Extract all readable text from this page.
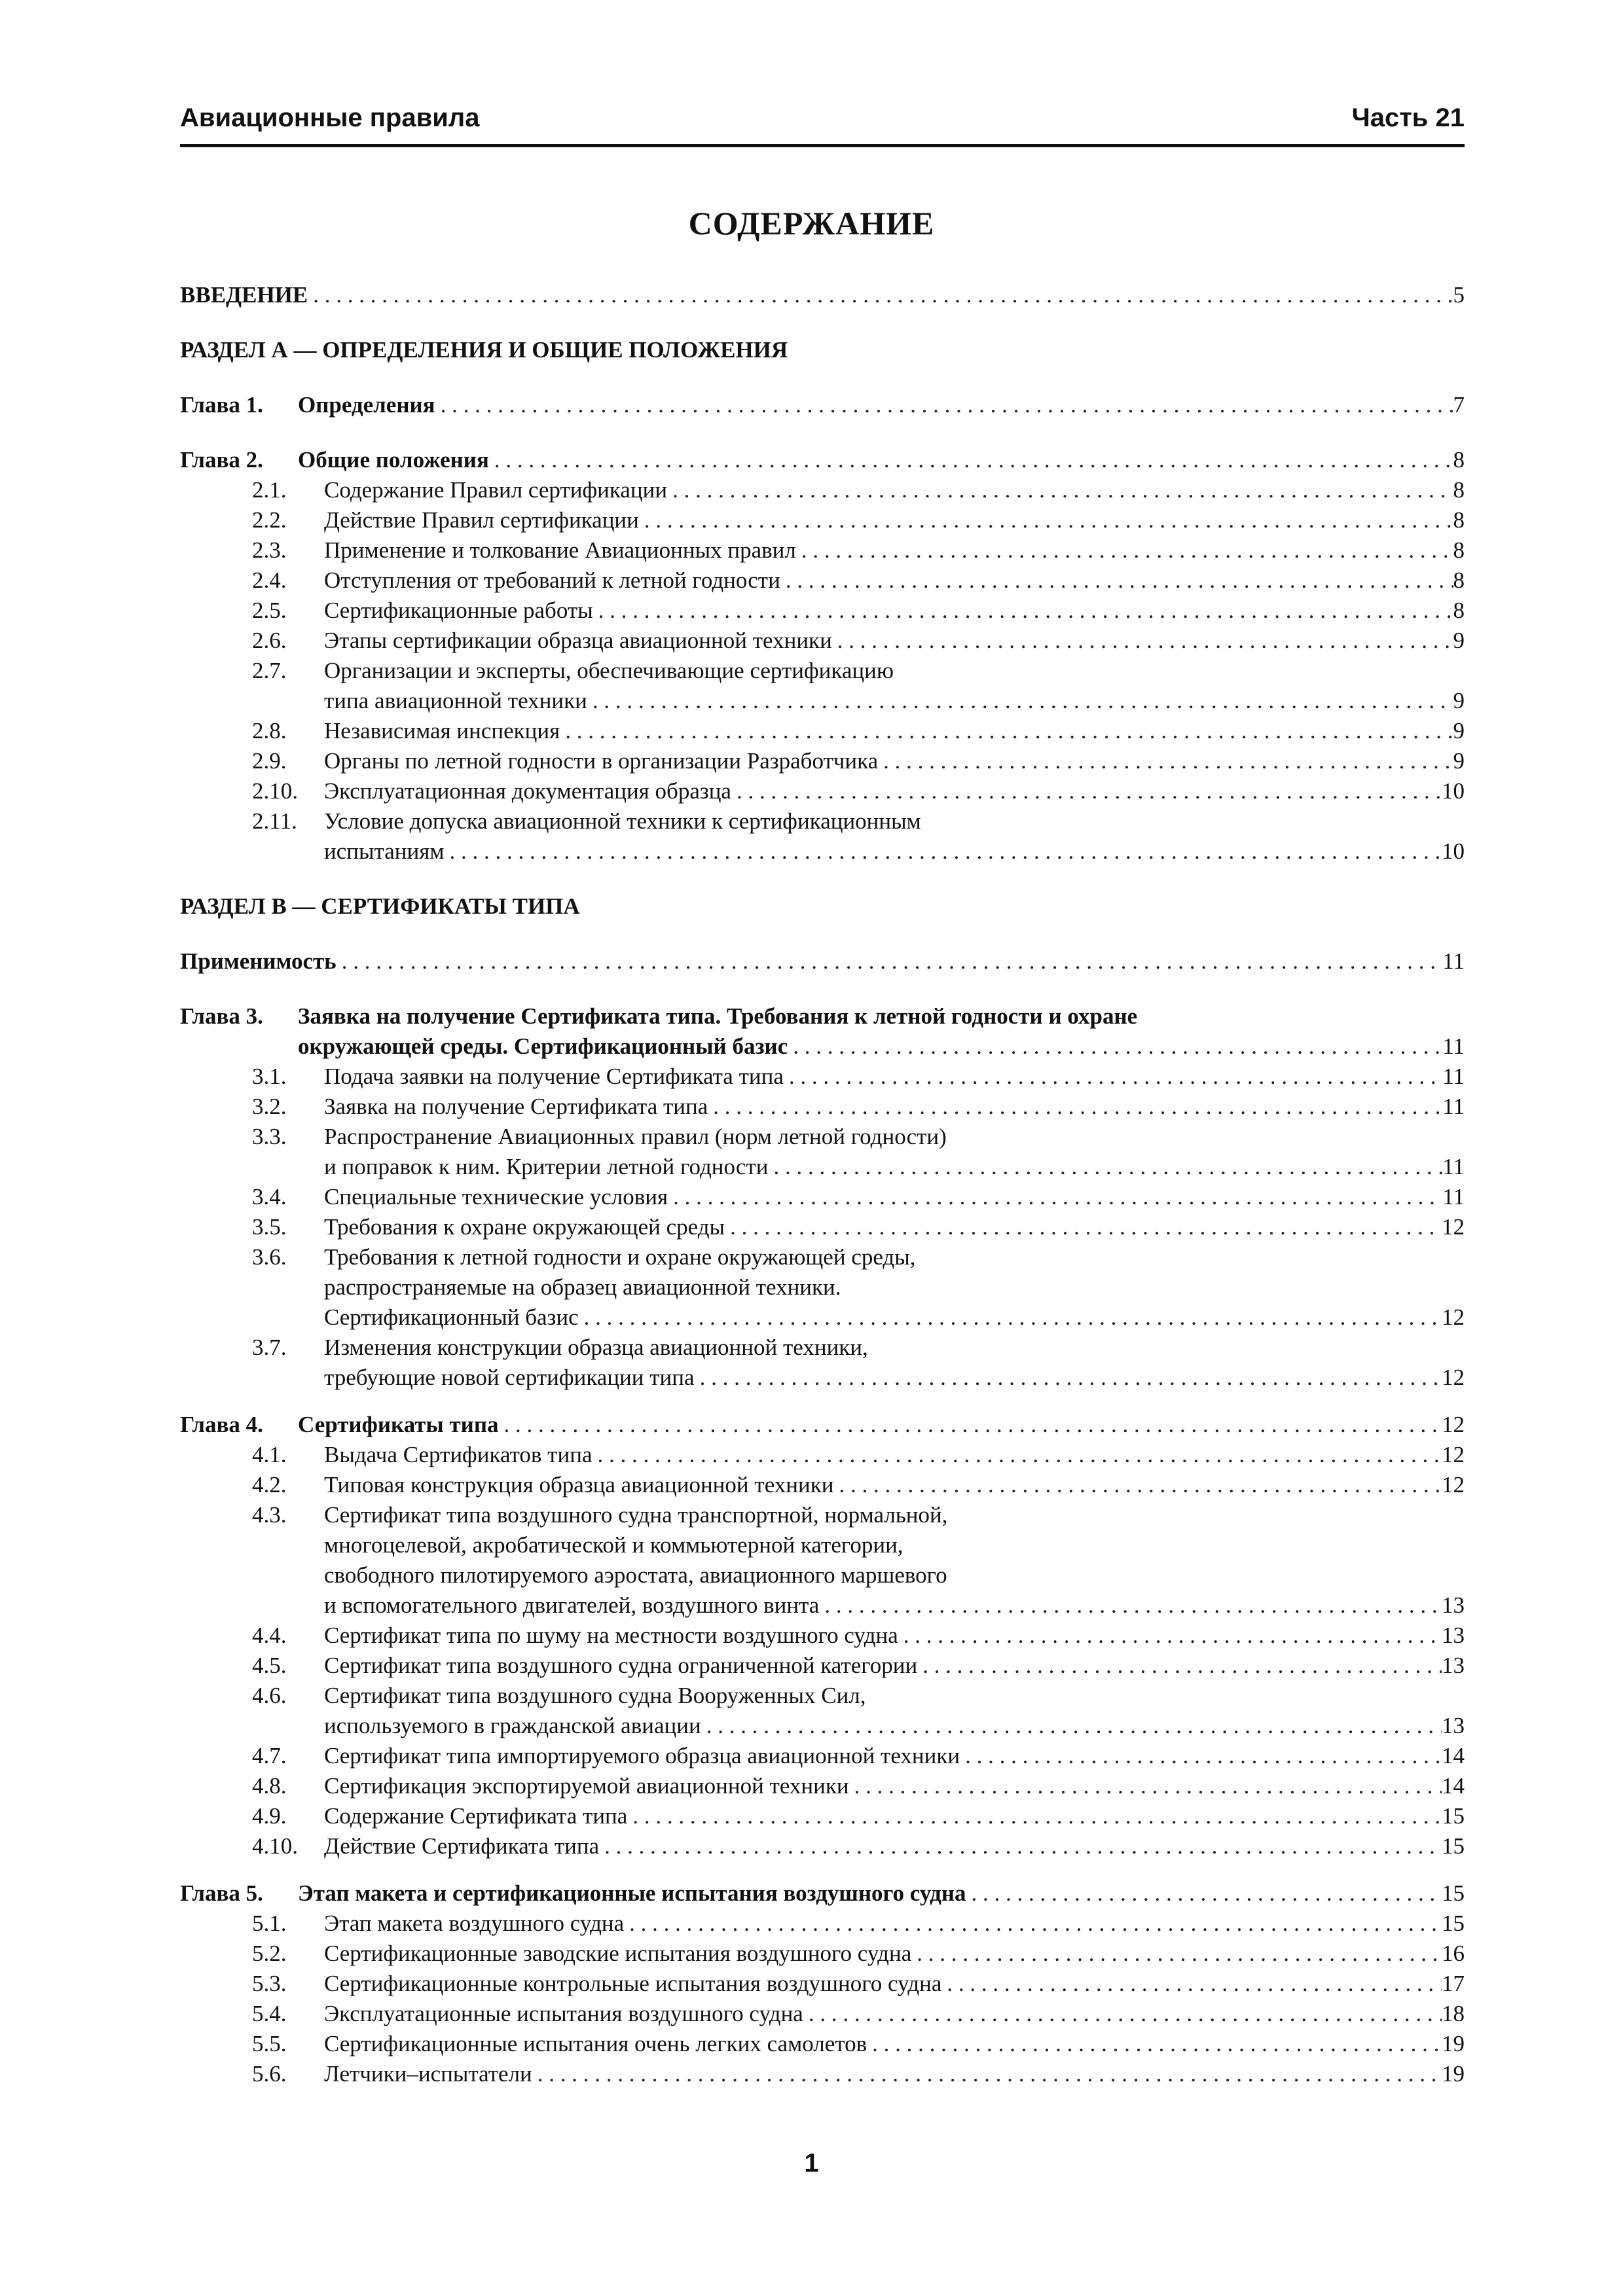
Авиационные правила	Часть 21
СОДЕРЖАНИЕ
ВВЕДЕНИЕ . . .	5
РАЗДЕЛ А — ОПРЕДЕЛЕНИЯ И ОБЩИЕ ПОЛОЖЕНИЯ
Глава 1.	Определения . . .	7
Глава 2.	Общие положения . . .	8
2.1.	Содержание Правил сертификации . . .	8
2.2.	Действие Правил сертификации . . .	8
2.3.	Применение и толкование Авиационных правил . . .	8
2.4.	Отступления от требований к летной годности . . .	8
2.5.	Сертификационные работы . . .	8
2.6.	Этапы сертификации образца авиационной техники . . .	9
2.7.	Организации и эксперты, обеспечивающие сертификацию
типа авиационной техники . . .	9
2.8.	Независимая инспекция . . .	9
2.9.	Органы по летной годности в организации Разработчика . . .	9
2.10.	Эксплуатационная документация образца . . .	10
2.11.	Условие допуска авиационной техники к сертификационным
испытаниям . . .	10
РАЗДЕЛ В — СЕРТИФИКАТЫ ТИПА
Применимость . . .	11
Глава 3.	Заявка на получение Сертификата типа. Требования к летной годности и охране
окружающей среды. Сертификационный базис . . .	11
3.1.	Подача заявки на получение Сертификата типа . . .	11
3.2.	Заявка на получение Сертификата типа . . .	11
3.3.	Распространение Авиационных правил (норм летной годности)
и поправок к ним. Критерии летной годности . . .	11
3.4.	Специальные технические условия . . .	11
3.5.	Требования к охране окружающей среды . . .	12
3.6.	Требования к летной годности и охране окружающей среды,
распространяемые на образец авиационной техники.
Сертификационный базис . . .	12
3.7.	Изменения конструкции образца авиационной техники,
требующие новой сертификации типа . . .	12
Глава 4.	Сертификаты типа . . .	12
4.1.	Выдача Сертификатов типа . . .	12
4.2.	Типовая конструкция образца авиационной техники . . .	12
4.3.	Сертификат типа воздушного судна транспортной, нормальной,
многоцелевой, акробатической и коммьютерной категории,
свободного пилотируемого аэростата, авиационного маршевого
и вспомогательного двигателей, воздушного винта . . .	13
4.4.	Сертификат типа по шуму на местности воздушного судна . . .	13
4.5.	Сертификат типа воздушного судна ограниченной категории . . .	13
4.6.	Сертификат типа воздушного судна Вооруженных Сил,
используемого в гражданской авиации . . .	13
4.7.	Сертификат типа импортируемого образца авиационной техники . . .	14
4.8.	Сертификация экспортируемой авиационной техники . . .	14
4.9.	Содержание Сертификата типа . . .	15
4.10.	Действие Сертификата типа . . .	15
Глава 5.	Этап макета и сертификационные испытания воздушного судна . . .	15
5.1.	Этап макета воздушного судна . . .	15
5.2.	Сертификационные заводские испытания воздушного судна . . .	16
5.3.	Сертификационные контрольные испытания воздушного судна . . .	17
5.4.	Эксплуатационные испытания воздушного судна . . .	18
5.5.	Сертификационные испытания очень легких самолетов . . .	19
5.6.	Летчики–испытатели . . .	19
1
